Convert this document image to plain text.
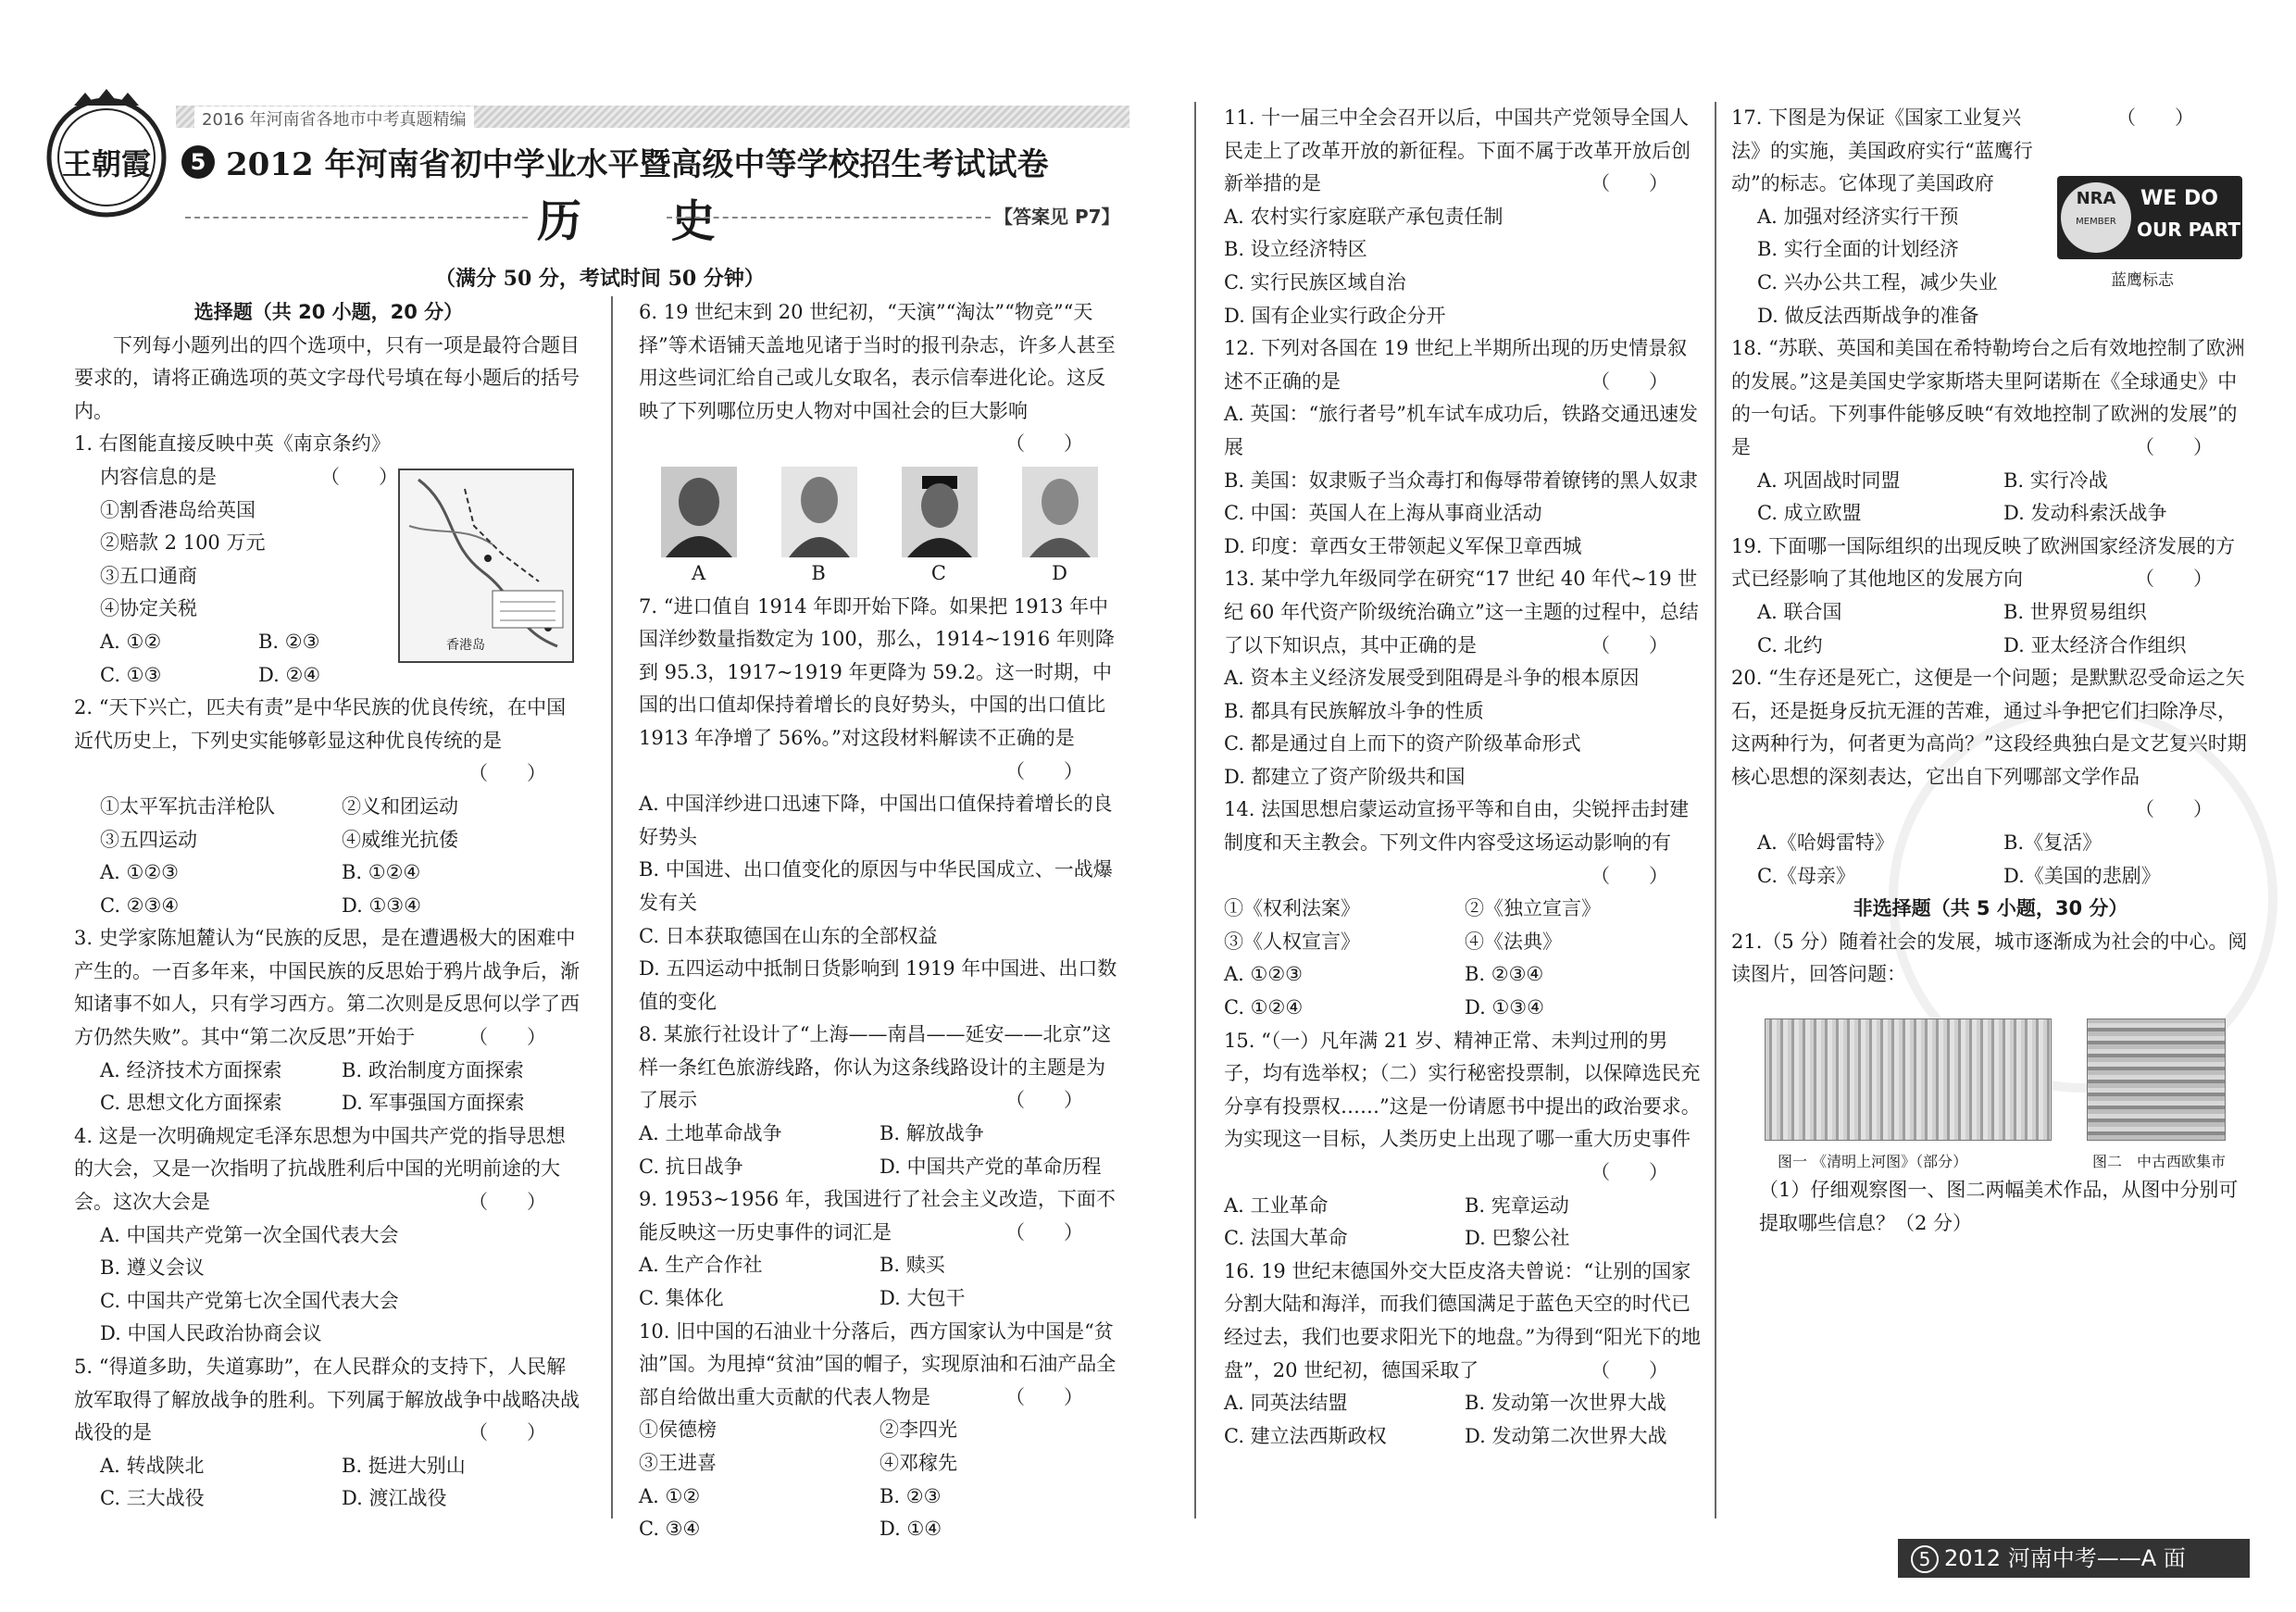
王朝霞
2016 年河南省各地市中考真题精编
5 2012 年河南省初中学业水平暨高级中等学校招生考试试卷
历 史	【答案见 P7】
（满分 50 分，考试时间 50 分钟）
选择题（共 20 小题，20 分）
下列每小题列出的四个选项中，只有一项是最符合题目要求的，请将正确选项的英文字母代号填在每小题后的括号内。
1. 右图能直接反映中英《南京条约》
内容信息的是	（　　）
①割香港岛给英国
②赔款 2 100 万元
③五口通商
④协定关税
A. ①②	B. ②③
C. ①③	D. ②④
2. “天下兴亡，匹夫有责”是中华民族的优良传统，在中国近代历史上，下列史实能够彰显这种优良传统的是
（　　）
①太平军抗击洋枪队	②义和团运动
③五四运动	④威维光抗倭
A. ①②③	B. ①②④
C. ②③④	D. ①③④
3. 史学家陈旭麓认为“民族的反思，是在遭遇极大的困难中产生的。一百多年来，中国民族的反思始于鸦片战争后，渐知诸事不如人，只有学习西方。第二次则是反思何以学了西方仍然失败”。其中“第二次反思”开始于	（　　）
A. 经济技术方面探索	B. 政治制度方面探索
C. 思想文化方面探索	D. 军事强国方面探索
4. 这是一次明确规定毛泽东思想为中国共产党的指导思想的大会，又是一次指明了抗战胜利后中国的光明前途的大会。这次大会是	（　　）
A. 中国共产党第一次全国代表大会
B. 遵义会议
C. 中国共产党第七次全国代表大会
D. 中国人民政治协商会议
5. “得道多助，失道寡助”，在人民群众的支持下，人民解放军取得了解放战争的胜利。下列属于解放战争中战略决战战役的是	（　　）
A. 转战陕北	B. 挺进大别山
C. 三大战役	D. 渡江战役
香港岛
6. 19 世纪末到 20 世纪初，“天演”“淘汰”“物竞”“天择”等术语铺天盖地见诸于当时的报刊杂志，许多人甚至用这些词汇给自己或儿女取名，表示信奉进化论。这反映了下列哪位历史人物对中国社会的巨大影响
（　　）
A	B	C	D
7. “进口值自 1914 年即开始下降。如果把 1913 年中国洋纱数量指数定为 100，那么，1914~1916 年则降到 95.3，1917~1919 年更降为 59.2。这一时期，中国的出口值却保持着增长的良好势头，中国的出口值比 1913 年净增了 56%。”对这段材料解读不正确的是
（　　）
A. 中国洋纱进口迅速下降，中国出口值保持着增长的良好势头
B. 中国进、出口值变化的原因与中华民国成立、一战爆发有关
C. 日本获取德国在山东的全部权益
D. 五四运动中抵制日货影响到 1919 年中国进、出口数值的变化
8. 某旅行社设计了“上海——南昌——延安——北京”这样一条红色旅游线路，你认为这条线路设计的主题是为了展示	（　　）
A. 土地革命战争	B. 解放战争
C. 抗日战争	D. 中国共产党的革命历程
9. 1953~1956 年，我国进行了社会主义改造，下面不能反映这一历史事件的词汇是	（　　）
A. 生产合作社	B. 赎买
C. 集体化	D. 大包干
10. 旧中国的石油业十分落后，西方国家认为中国是“贫油”国。为甩掉“贫油”国的帽子，实现原油和石油产品全部自给做出重大贡献的代表人物是	（　　）
①侯德榜	②李四光
③王进喜	④邓稼先
A. ①②	B. ②③
C. ③④	D. ①④
11. 十一届三中全会召开以后，中国共产党领导全国人民走上了改革开放的新征程。下面不属于改革开放后创新举措的是	（　　）
A. 农村实行家庭联产承包责任制
B. 设立经济特区
C. 实行民族区域自治
D. 国有企业实行政企分开
12. 下列对各国在 19 世纪上半期所出现的历史情景叙述不正确的是	（　　）
A. 英国：“旅行者号”机车试车成功后，铁路交通迅速发展
B. 美国：奴隶贩子当众毒打和侮辱带着镣铐的黑人奴隶
C. 中国：英国人在上海从事商业活动
D. 印度：章西女王带领起义军保卫章西城
13. 某中学九年级同学在研究“17 世纪 40 年代~19 世纪 60 年代资产阶级统治确立”这一主题的过程中，总结了以下知识点，其中正确的是	（　　）
A. 资本主义经济发展受到阻碍是斗争的根本原因
B. 都具有民族解放斗争的性质
C. 都是通过自上而下的资产阶级革命形式
D. 都建立了资产阶级共和国
14. 法国思想启蒙运动宣扬平等和自由，尖锐抨击封建制度和天主教会。下列文件内容受这场运动影响的有
（　　）
①《权利法案》	②《独立宣言》
③《人权宣言》	④《法典》
A. ①②③	B. ②③④
C. ①②④	D. ①③④
15. “（一）凡年满 21 岁、精神正常、未判过刑的男子，均有选举权；（二）实行秘密投票制，以保障选民充分享有投票权……”这是一份请愿书中提出的政治要求。为实现这一目标，人类历史上出现了哪一重大历史事件
（　　）
A. 工业革命	B. 宪章运动
C. 法国大革命	D. 巴黎公社
16. 19 世纪末德国外交大臣皮洛夫曾说：“让别的国家分割大陆和海洋，而我们德国满足于蓝色天空的时代已经过去，我们也要求阳光下的地盘。”为得到“阳光下的地盘”，20 世纪初，德国采取了	（　　）
A. 同英法结盟	B. 发动第一次世界大战
C. 建立法西斯政权	D. 发动第二次世界大战
17. 下图是为保证《国家工业复兴法》的实施，美国政府实行“蓝鹰行动”的标志。它体现了美国政府
（　　）
A. 加强对经济实行干预
B. 实行全面的计划经济
C. 兴办公共工程，减少失业
D. 做反法西斯战争的准备
18. “苏联、英国和美国在希特勒垮台之后有效地控制了欧洲的发展。”这是美国史学家斯塔夫里阿诺斯在《全球通史》中的一句话。下列事件能够反映“有效地控制了欧洲的发展”的是	（　　）
A. 巩固战时同盟	B. 实行冷战
C. 成立欧盟	D. 发动科索沃战争
19. 下面哪一国际组织的出现反映了欧洲国家经济发展的方式已经影响了其他地区的发展方向	（　　）
A. 联合国	B. 世界贸易组织
C. 北约	D. 亚太经济合作组织
20. “生存还是死亡，这便是一个问题；是默默忍受命运之矢石，还是挺身反抗无涯的苦难，通过斗争把它们扫除净尽，这两种行为，何者更为高尚？”这段经典独白是文艺复兴时期核心思想的深刻表达，它出自下列哪部文学作品
（　　）
A.《哈姆雷特》	B.《复活》
C.《母亲》	D.《美国的悲剧》
非选择题（共 5 小题，30 分）
21.（5 分）随着社会的发展，城市逐渐成为社会的中心。阅读图片，回答问题：
NRA
MEMBER
WE DO
OUR PART
蓝鹰标志
图一 《清明上河图》（部分）	图二　中古西欧集市
（1）仔细观察图一、图二两幅美术作品，从图中分别可提取哪些信息？（2 分）
5 2012 河南中考——A 面
